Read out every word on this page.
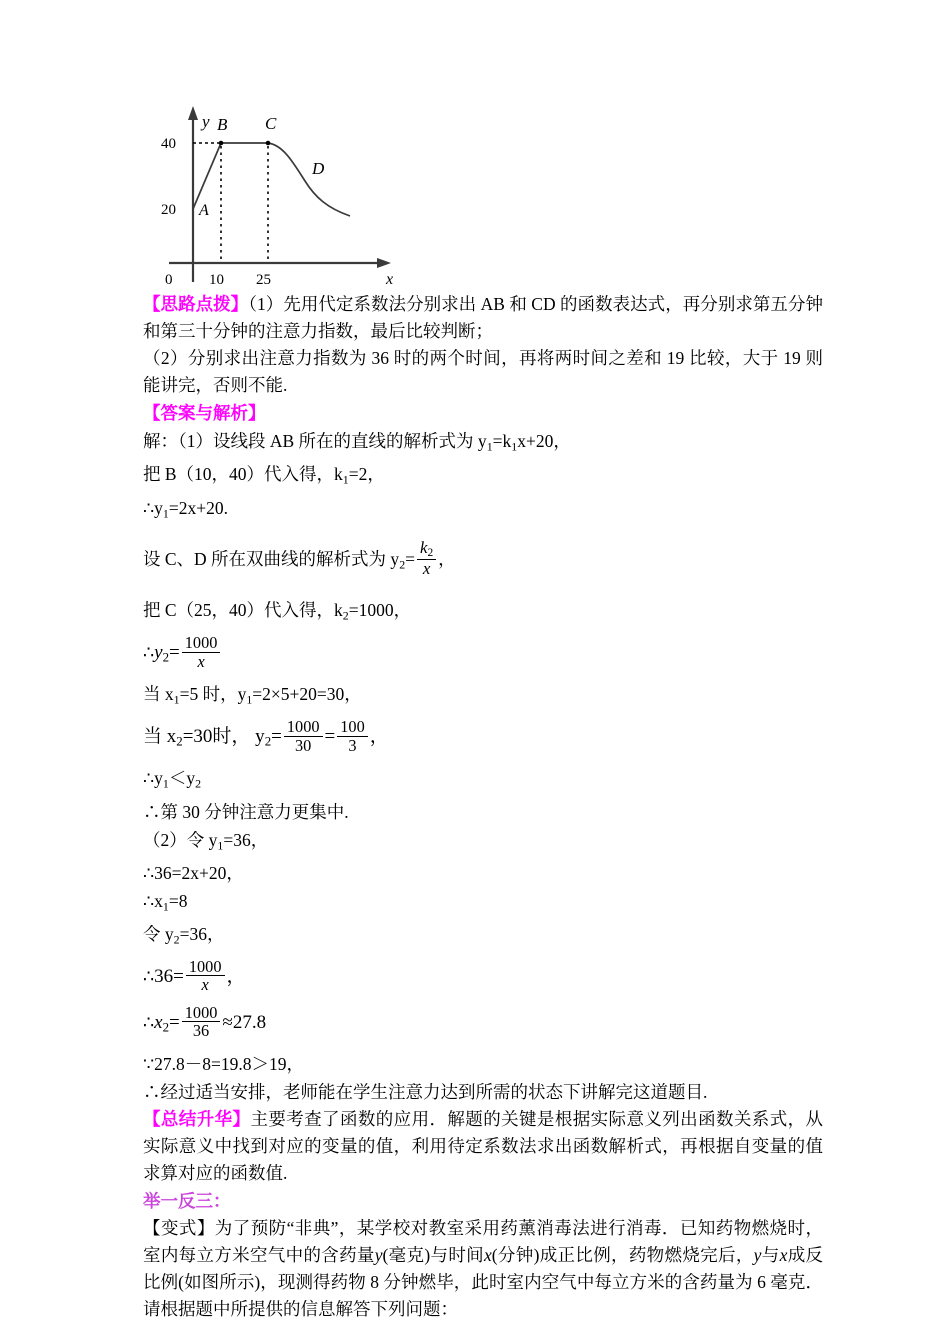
40
20
0 10 25
y
x
A
B C
D

【思路点拨】（1）先用代定系数法分别求出 AB 和 CD 的函数表达式，再分别求第五分钟和第三十分钟的注意力指数，最后比较判断；

（2）分别求出注意力指数为 36 时的两个时间，再将两时间之差和 19 比较，大于 19 则能讲完，否则不能.

【答案与解析】
解：（1）设线段 AB 所在的直线的解析式为 $y_1=k_1x+20$，
把 B（10，40）代入得，$k_1=2$，
$\therefore y_1=2x+20$.
设 C、D 所在双曲线的解析式为 $y_2= \frac{k_2}{x}$ ，
把 C（25，40）代入得，$k_2=1000$，
$\therefore y_2= \frac{1000}{x}$
当 $x_1=5$ 时，$y_1=2\times 5+20=30$，
当 $x_2=30$时， $y_2= \frac{1000}{30} = \frac{100}{3}$ ，
$\therefore y_1<y_2$
∴第 30 分钟注意力更集中.
（2）令 $y_1=36$，
∴36=2x+20，
$\therefore x_1=8$
令 $y_2=36$，
∴36= $\frac{1000}{x}$ ，
$\therefore x_2= \frac{1000}{36} \approx 27.8$
∵27.8－8=19.8＞19，
∴经过适当安排，老师能在学生注意力达到所需的状态下讲解完这道题目.

【总结升华】主要考查了函数的应用．解题的关键是根据实际意义列出函数关系式，从实际意义中找到对应的变量的值，利用待定系数法求出函数解析式，再根据自变量的值求算对应的函数值.

举一反三：

【变式】为了预防“非典”，某学校对教室采用药薰消毒法进行消毒．已知药物燃烧时，室内每立方米空气中的含药量y(毫克)与时间x(分钟)成正比例，药物燃烧完后，y与x成反比例(如图所示)，现测得药物 8 分钟燃毕，此时室内空气中每立方米的含药量为 6 毫克．请根据题中所提供的信息解答下列问题：
